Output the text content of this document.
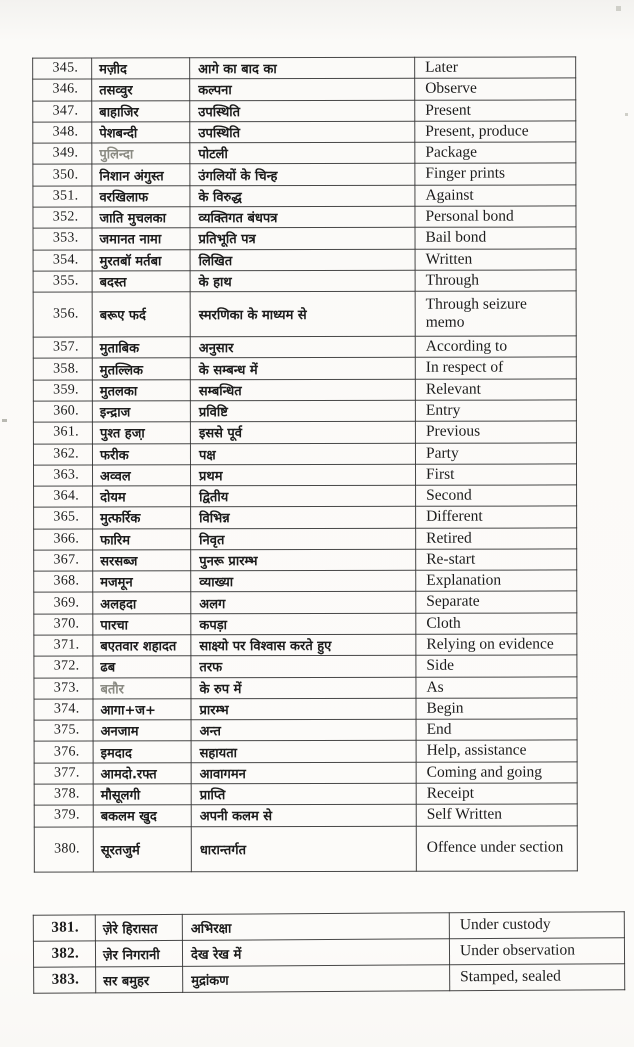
345.	मज़ीद	आगे का बाद का	Later
346.	तसव्वुर	कल्पना	Observe
347.	बाहाजिर	उपस्थिति	Present
348.	पेशबन्दी	उपस्थिति	Present, produce
349.	पुलिन्दा	पोटली	Package
350.	निशान अंगुस्त	उंगलियों के चिन्ह	Finger prints
351.	वरखिलाफ	के विरुद्ध	Against
352.	जाति मुचलका	व्यक्तिगत बंधपत्र	Personal bond
353.	जमानत नामा	प्रतिभूति पत्र	Bail bond
354.	मुरतबॉ मर्तबा	लिखित	Written
355.	बदस्त	के हाथ	Through
356.	बरूए फर्द	स्मरणिका के माध्यम से	Through seizure memo
357.	मुताबिक	अनुसार	According to
358.	मुतल्लिक	के सम्बन्ध में	In respect of
359.	मुतलका	सम्बन्धित	Relevant
360.	इन्द्राज	प्रविष्टि	Entry
361.	पुश्त हजा़	इससे पूर्व	Previous
362.	फरीक	पक्ष	Party
363.	अव्वल	प्रथम	First
364.	दोयम	द्वितीय	Second
365.	मुत्फर्रिक	विभिन्न	Different
366.	फारिम	निवृत	Retired
367.	सरसब्ज	पुनरू प्रारम्भ	Re-start
368.	मजमून	व्याख्या	Explanation
369.	अलहदा	अलग	Separate
370.	पारचा	कपड़ा	Cloth
371.	बएतवार शहादत	साक्ष्यो पर विश्वास करते हुए	Relying on evidence
372.	ढब	तरफ	Side
373.	बतौर	के रुप में	As
374.	आगा+ज+	प्रारम्भ	Begin
375.	अनजाम	अन्त	End
376.	इमदाद	सहायता	Help, assistance
377.	आमदो.रफ्त	आवागमन	Coming and going
378.	मौसूलगी	प्राप्ति	Receipt
379.	बकलम खुद	अपनी कलम से	Self Written
380.	सूरतजुर्म	धारान्तर्गत	Offence under section
381.	ज़ेरे हिरासत	अभिरक्षा	Under custody
382.	ज़ेर निगरानी	देख रेख में	Under observation
383.	सर बमुहर	मुद्रांकण	Stamped, sealed
